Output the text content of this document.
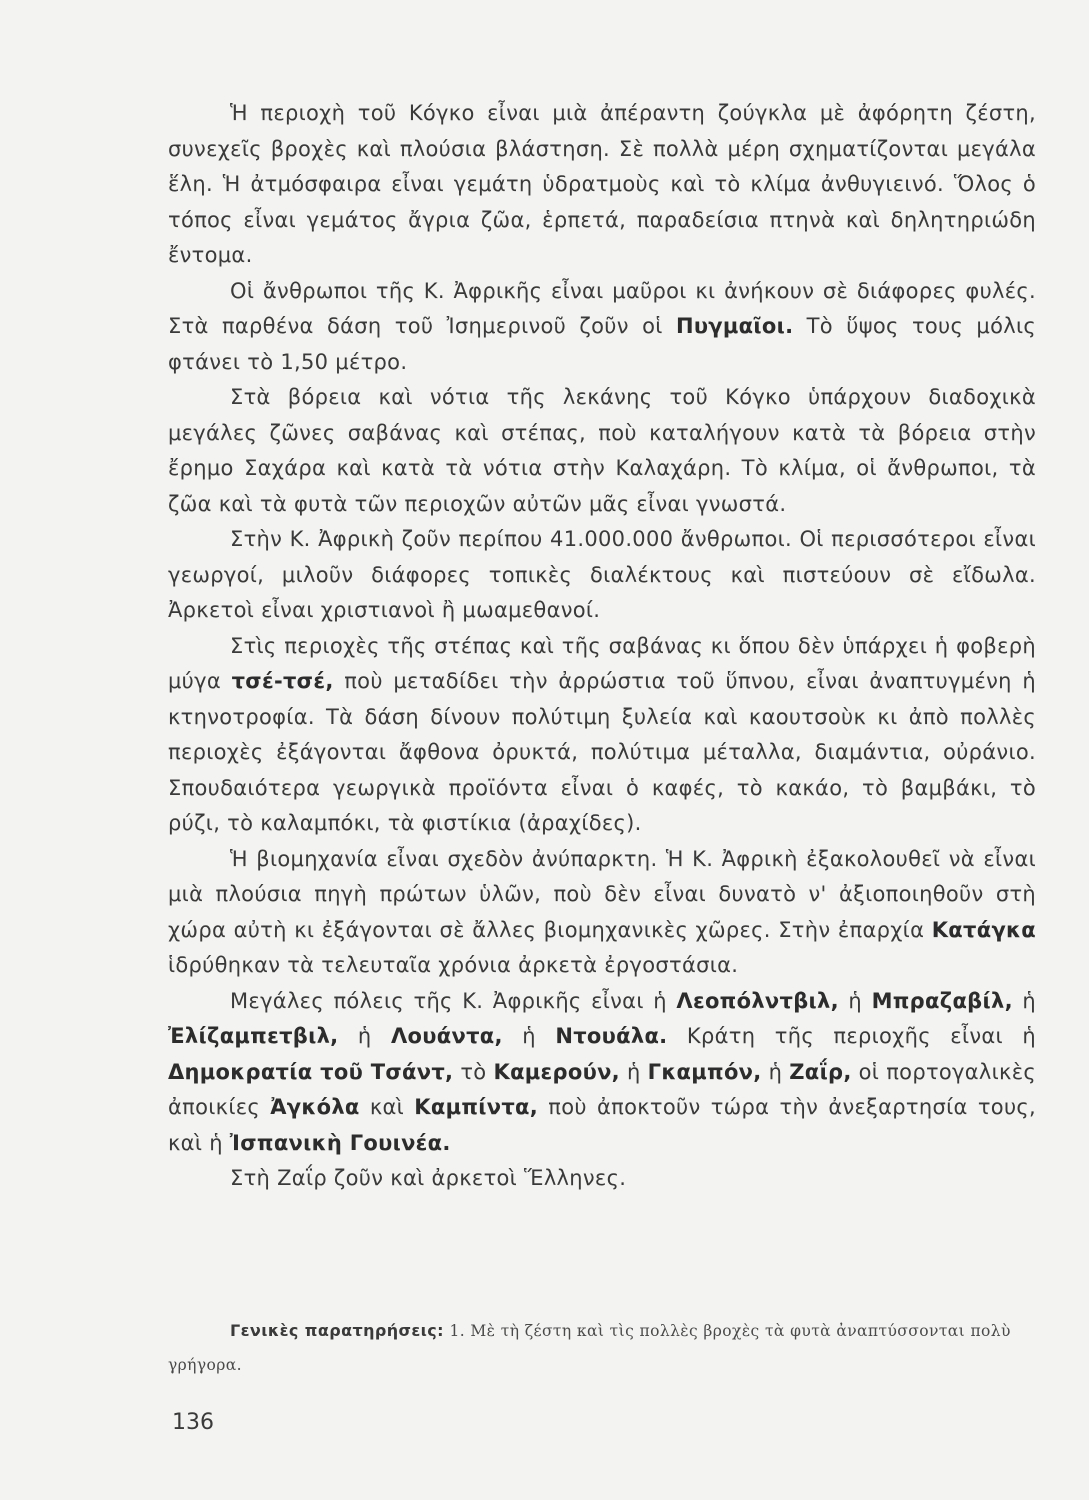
Ἡ περιοχὴ τοῦ Κόγκο εἶναι μιὰ ἀπέραντη ζούγκλα μὲ ἀφόρητη ζέστη, συνεχεῖς βροχὲς καὶ πλούσια βλάστηση. Σὲ πολλὰ μέρη σχηματίζονται μεγάλα ἕλη. Ἡ ἀτμόσφαιρα εἶναι γεμάτη ὑδρατμοὺς καὶ τὸ κλίμα ἀνθυγιεινό. Ὅλος ὁ τόπος εἶναι γεμάτος ἄγρια ζῶα, ἑρπετά, παραδείσια πτηνὰ καὶ δηλητηριώδη ἔντομα.

Οἱ ἄνθρωποι τῆς Κ. Ἀφρικῆς εἶναι μαῦροι κι ἀνήκουν σὲ διάφορες φυλές. Στὰ παρθένα δάση τοῦ Ἰσημερινοῦ ζοῦν οἱ Πυγμαῖοι. Τὸ ὕψος τους μόλις φτάνει τὸ 1,50 μέτρο.

Στὰ βόρεια καὶ νότια τῆς λεκάνης τοῦ Κόγκο ὑπάρχουν διαδοχικὰ μεγάλες ζῶνες σαβάνας καὶ στέπας, ποὺ καταλήγουν κατὰ τὰ βόρεια στὴν ἔρημο Σαχάρα καὶ κατὰ τὰ νότια στὴν Καλαχάρη. Τὸ κλίμα, οἱ ἄνθρωποι, τὰ ζῶα καὶ τὰ φυτὰ τῶν περιοχῶν αὐτῶν μᾶς εἶναι γνωστά.

Στὴν Κ. Ἀφρικὴ ζοῦν περίπου 41.000.000 ἄνθρωποι. Οἱ περισσότεροι εἶναι γεωργοί, μιλοῦν διάφορες τοπικὲς διαλέκτους καὶ πιστεύουν σὲ εἴδωλα. Ἀρκετοὶ εἶναι χριστιανοὶ ἢ μωαμεθανοί.

Στὶς περιοχὲς τῆς στέπας καὶ τῆς σαβάνας κι ὅπου δὲν ὑπάρχει ἡ φοβερὴ μύγα τσέ-τσέ, ποὺ μεταδίδει τὴν ἀρρώστια τοῦ ὕπνου, εἶναι ἀναπτυγμένη ἡ κτηνοτροφία. Τὰ δάση δίνουν πολύτιμη ξυλεία καὶ καουτσοὺκ κι ἀπὸ πολλὲς περιοχὲς ἐξάγονται ἄφθονα ὀρυκτά, πολύτιμα μέταλλα, διαμάντια, οὐράνιο. Σπουδαιότερα γεωργικὰ προϊόντα εἶναι ὁ καφές, τὸ κακάο, τὸ βαμβάκι, τὸ ρύζι, τὸ καλαμπόκι, τὰ φιστίκια (ἀραχίδες).

Ἡ βιομηχανία εἶναι σχεδὸν ἀνύπαρκτη. Ἡ Κ. Ἀφρικὴ ἐξακολουθεῖ νὰ εἶναι μιὰ πλούσια πηγὴ πρώτων ὑλῶν, ποὺ δὲν εἶναι δυνατὸ ν' ἀξιοποιηθοῦν στὴ χώρα αὐτὴ κι ἐξάγονται σὲ ἄλλες βιομηχανικὲς χῶρες. Στὴν ἐπαρχία Κατάγκα ἱδρύθηκαν τὰ τελευταῖα χρόνια ἀρκετὰ ἐργοστάσια.

Μεγάλες πόλεις τῆς Κ. Ἀφρικῆς εἶναι ἡ Λεοπόλντβιλ, ἡ Μπραζαβίλ, ἡ Ἐλίζαμπετβιλ, ἡ Λουάντα, ἡ Ντουάλα. Κράτη τῆς περιοχῆς εἶναι ἡ Δημοκρατία τοῦ Τσάντ, τὸ Καμερούν, ἡ Γκαμπόν, ἡ Ζαΐρ, οἱ πορτογαλικὲς ἀποικίες Ἀγκόλα καὶ Καμπίντα, ποὺ ἀποκτοῦν τώρα τὴν ἀνεξαρτησία τους, καὶ ἡ Ἰσπανικὴ Γουινέα.

Στὴ Ζαΐρ ζοῦν καὶ ἀρκετοὶ Ἕλληνες.

Γενικὲς παρατηρήσεις: 1. Μὲ τὴ ζέστη καὶ τὶς πολλὲς βροχὲς τὰ φυτὰ ἀναπτύσσονται πολὺ γρήγορα.
136
